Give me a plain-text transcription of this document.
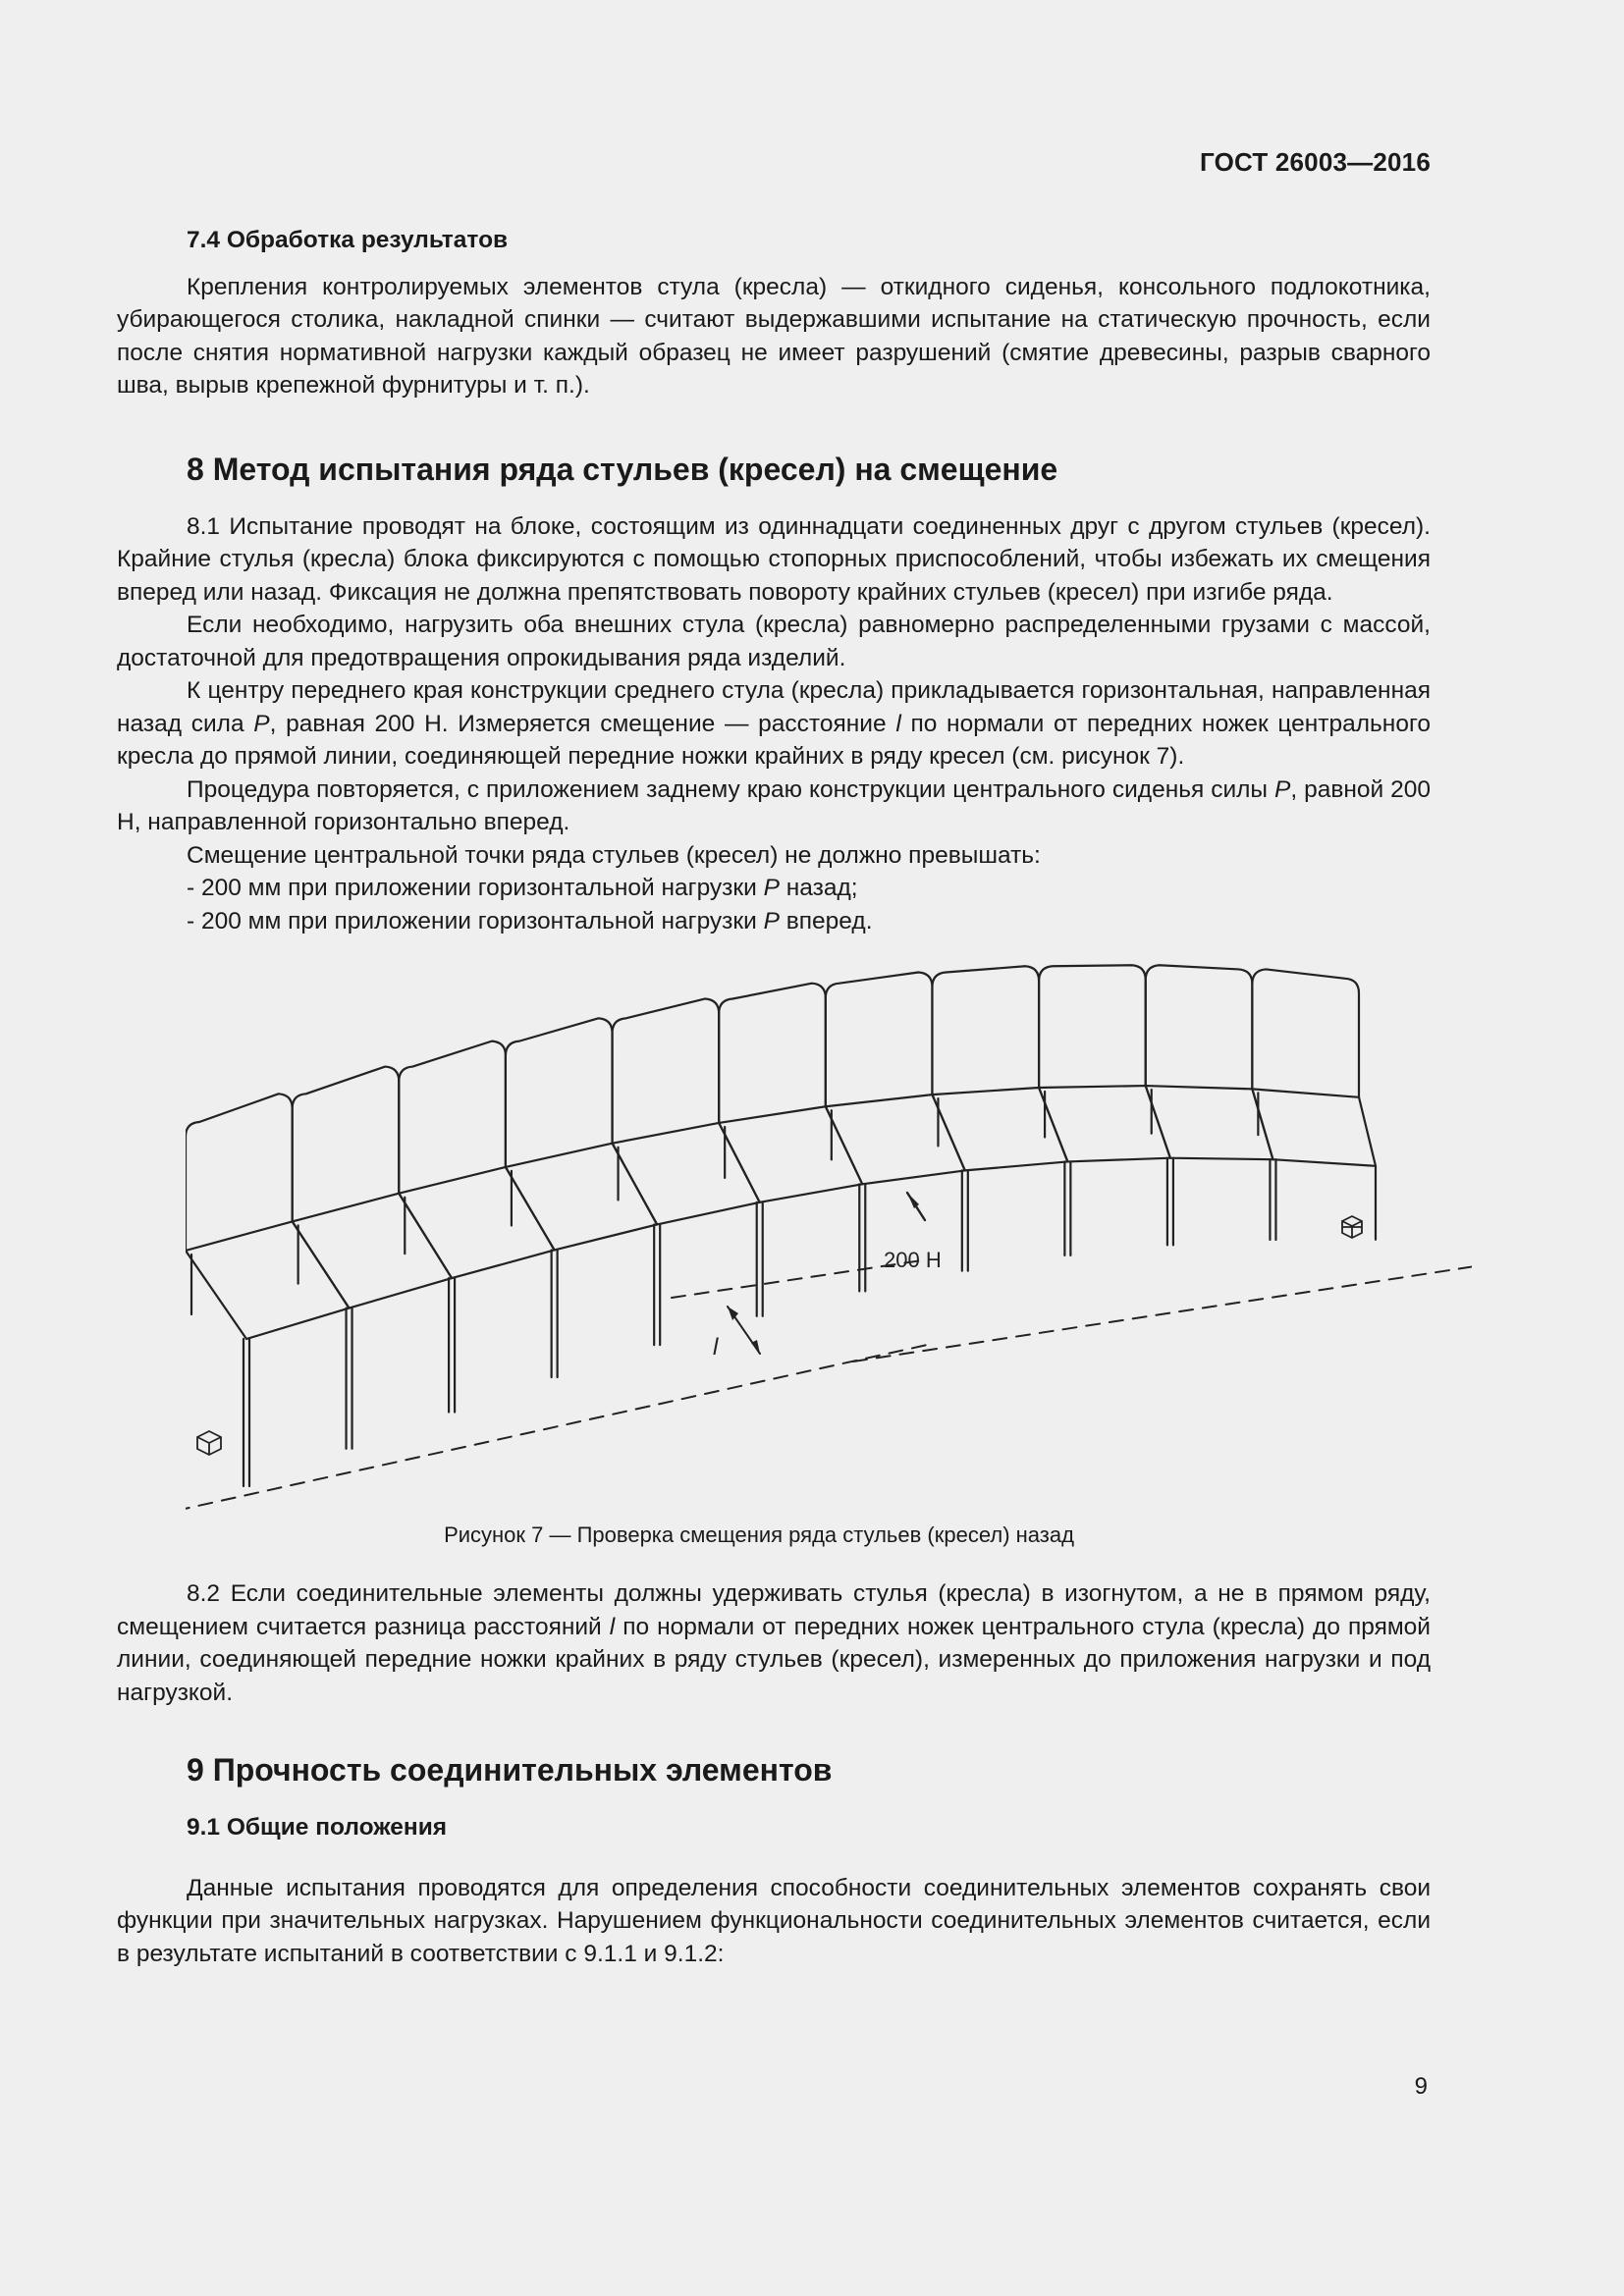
ГОСТ 26003—2016
7.4 Обработка результатов

Крепления контролируемых элементов стула (кресла) — откидного сиденья, консольного подлокотника, убирающегося столика, накладной спинки — считают выдержавшими испытание на статическую прочность, если после снятия нормативной нагрузки каждый образец не имеет разрушений (смятие древесины, разрыв сварного шва, вырыв крепежной фурнитуры и т. п.).

8 Метод испытания ряда стульев (кресел) на смещение

8.1 Испытание проводят на блоке, состоящим из одиннадцати соединенных друг с другом стульев (кресел). Крайние стулья (кресла) блока фиксируются с помощью стопорных приспособлений, чтобы избежать их смещения вперед или назад. Фиксация не должна препятствовать повороту крайних стульев (кресел) при изгибе ряда.

Если необходимо, нагрузить оба внешних стула (кресла) равномерно распределенными грузами с массой, достаточной для предотвращения опрокидывания ряда изделий.

К центру переднего края конструкции среднего стула (кресла) прикладывается горизонтальная, направленная назад сила P, равная 200 Н. Измеряется смещение — расстояние l по нормали от передних ножек центрального кресла до прямой линии, соединяющей передние ножки крайних в ряду кресел (см. рисунок 7).

Процедура повторяется, с приложением заднему краю конструкции центрального сиденья силы P, равной 200 Н, направленной горизонтально вперед.

Смещение центральной точки ряда стульев (кресел) не должно превышать:

- 200 мм при приложении горизонтальной нагрузки P назад;

- 200 мм при приложении горизонтальной нагрузки P вперед.

l
200 Н
Рисунок 7 — Проверка смещения ряда стульев (кресел) назад

8.2 Если соединительные элементы должны удерживать стулья (кресла) в изогнутом, а не в прямом ряду, смещением считается разница расстояний l по нормали от передних ножек центрального стула (кресла) до прямой линии, соединяющей передние ножки крайних в ряду стульев (кресел), измеренных до приложения нагрузки и под нагрузкой.

9 Прочность соединительных элементов
9.1 Общие положения

Данные испытания проводятся для определения способности соединительных элементов сохранять свои функции при значительных нагрузках. Нарушением функциональности соединительных элементов считается, если в результате испытаний в соответствии с 9.1.1 и 9.1.2:

9
